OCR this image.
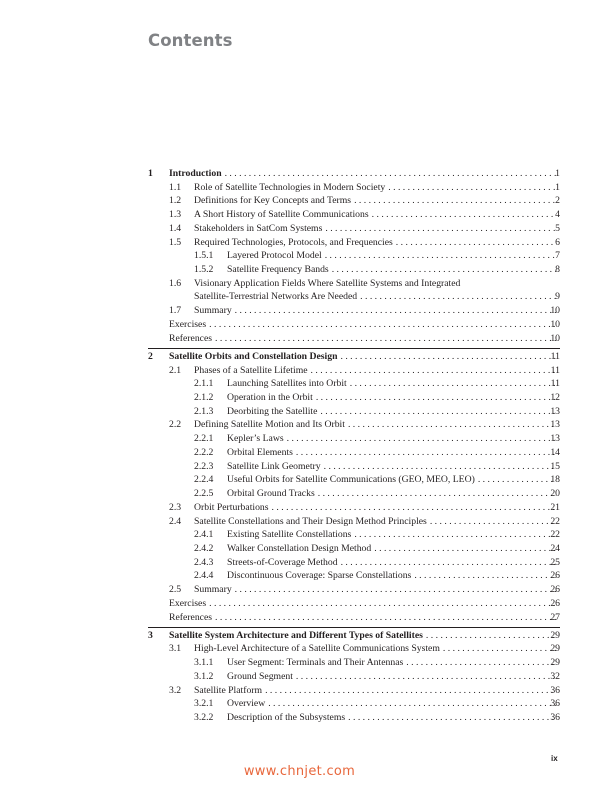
Contents
1 Introduction . . .	1
1.1 Role of Satellite Technologies in Modern Society . . .	1
1.2 Definitions for Key Concepts and Terms . . .	2
1.3 A Short History of Satellite Communications . . .	4
1.4 Stakeholders in SatCom Systems . . .	5
1.5 Required Technologies, Protocols, and Frequencies . . .	6
1.5.1 Layered Protocol Model . . .	7
1.5.2 Satellite Frequency Bands . . .	8
1.6 Visionary Application Fields Where Satellite Systems and Integrated
Satellite-Terrestrial Networks Are Needed . . .	9
1.7 Summary . . .	10
Exercises . . .	10
References . . .	10
2 Satellite Orbits and Constellation Design . . .	11
2.1 Phases of a Satellite Lifetime . . .	11
2.1.1 Launching Satellites into Orbit . . .	11
2.1.2 Operation in the Orbit . . .	12
2.1.3 Deorbiting the Satellite . . .	13
2.2 Defining Satellite Motion and Its Orbit . . .	13
2.2.1 Kepler’s Laws . . .	13
2.2.2 Orbital Elements . . .	14
2.2.3 Satellite Link Geometry . . .	15
2.2.4 Useful Orbits for Satellite Communications (GEO, MEO, LEO) . . .	18
2.2.5 Orbital Ground Tracks . . .	20
2.3 Orbit Perturbations . . .	21
2.4 Satellite Constellations and Their Design Method Principles . . .	22
2.4.1 Existing Satellite Constellations . . .	22
2.4.2 Walker Constellation Design Method . . .	24
2.4.3 Streets-of-Coverage Method . . .	25
2.4.4 Discontinuous Coverage: Sparse Constellations . . .	26
2.5 Summary . . .	26
Exercises . . .	26
References . . .	27
3 Satellite System Architecture and Different Types of Satellites . . .	29
3.1 High-Level Architecture of a Satellite Communications System . . .	29
3.1.1 User Segment: Terminals and Their Antennas . . .	29
3.1.2 Ground Segment . . .	32
3.2 Satellite Platform . . .	36
3.2.1 Overview . . .	36
3.2.2 Description of the Subsystems . . .	36
ix
www.chnjet.com
